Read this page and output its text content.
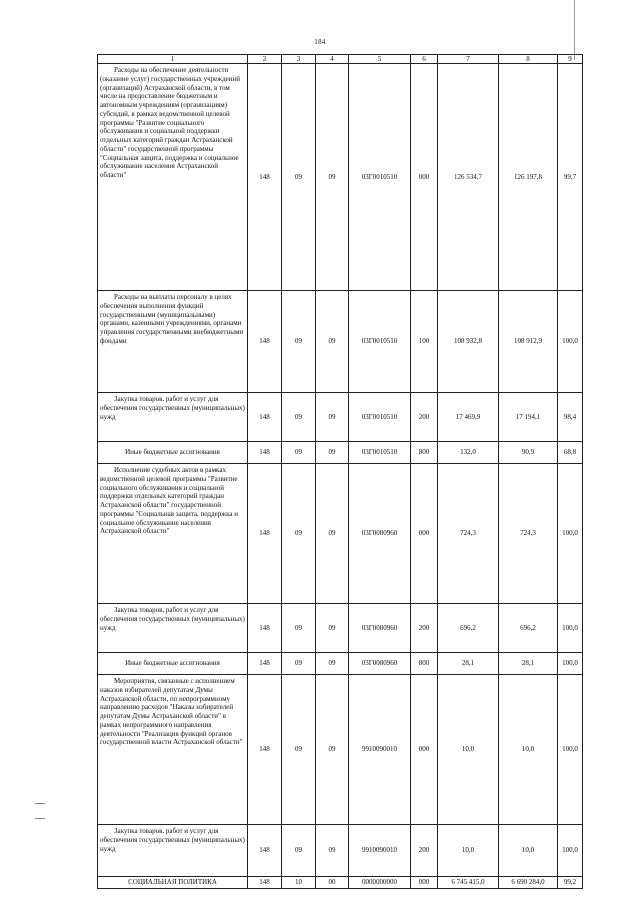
184
1	2	3	4	5	6	7	8	9
Расходы на обеспечение деятельности (оказание услуг) государственных учреждений (организаций) Астраханской области, в том числе на предоставление бюджетным и автономным учреждениям (организациям) субсидий, в рамках ведомственной целевой программы "Развитие социального обслуживания и социальной поддержки отдельных категорий граждан Астраханской области" государственной программы "Социальная защита, поддержка и социальное обслуживание населения Астраханской области"	148	09	09	03Г0010510	000	126 534,7	126 197,8	99,7
Расходы на выплаты персоналу в целях обеспечения выполнения функций государственными (муниципальными) органами, казенными учреждениями, органами управления государственными внебюджетными фондами	148	09	09	03Г0010510	100	108 932,8	108 912,9	100,0
Закупка товаров, работ и услуг для обеспечения государственных (муниципальных) нужд	148	09	09	03Г0010510	200	17 469,9	17 194,1	98,4
Иные бюджетные ассигнования	148	09	09	03Г0010510	800	132,0	90,9	68,8
Исполнение судебных актов в рамках ведомственной целевой программы "Развитие социального обслуживания и социальной поддержки отдельных категорий граждан Астраханской области" государственной программы "Социальная защита, поддержка и социальное обслуживание населения Астраханской области"	148	09	09	03Г0080960	000	724,3	724,3	100,0
Закупка товаров, работ и услуг для обеспечения государственных (муниципальных) нужд	148	09	09	03Г0080960	200	696,2	696,2	100,0
Иные бюджетные ассигнования	148	09	09	03Г0080960	800	28,1	28,1	100,0
Мероприятия, связанные с исполнением наказов избирателей депутатам Думы Астраханской области, по непрограммному направлению расходов "Наказы избирателей депутатам Думы Астраханской области" в рамках непрограммного направления деятельности "Реализация функций органов государственной власти Астраханской области"	148	09	09	9910090010	000	10,0	10,0	100,0
Закупка товаров, работ и услуг для обеспечения государственных (муниципальных) нужд	148	09	09	9910090010	200	10,0	10,0	100,0
СОЦИАЛЬНАЯ ПОЛИТИКА	148	10	00	0000000000	000	6 745 415,0	6 690 284,0	99,2
